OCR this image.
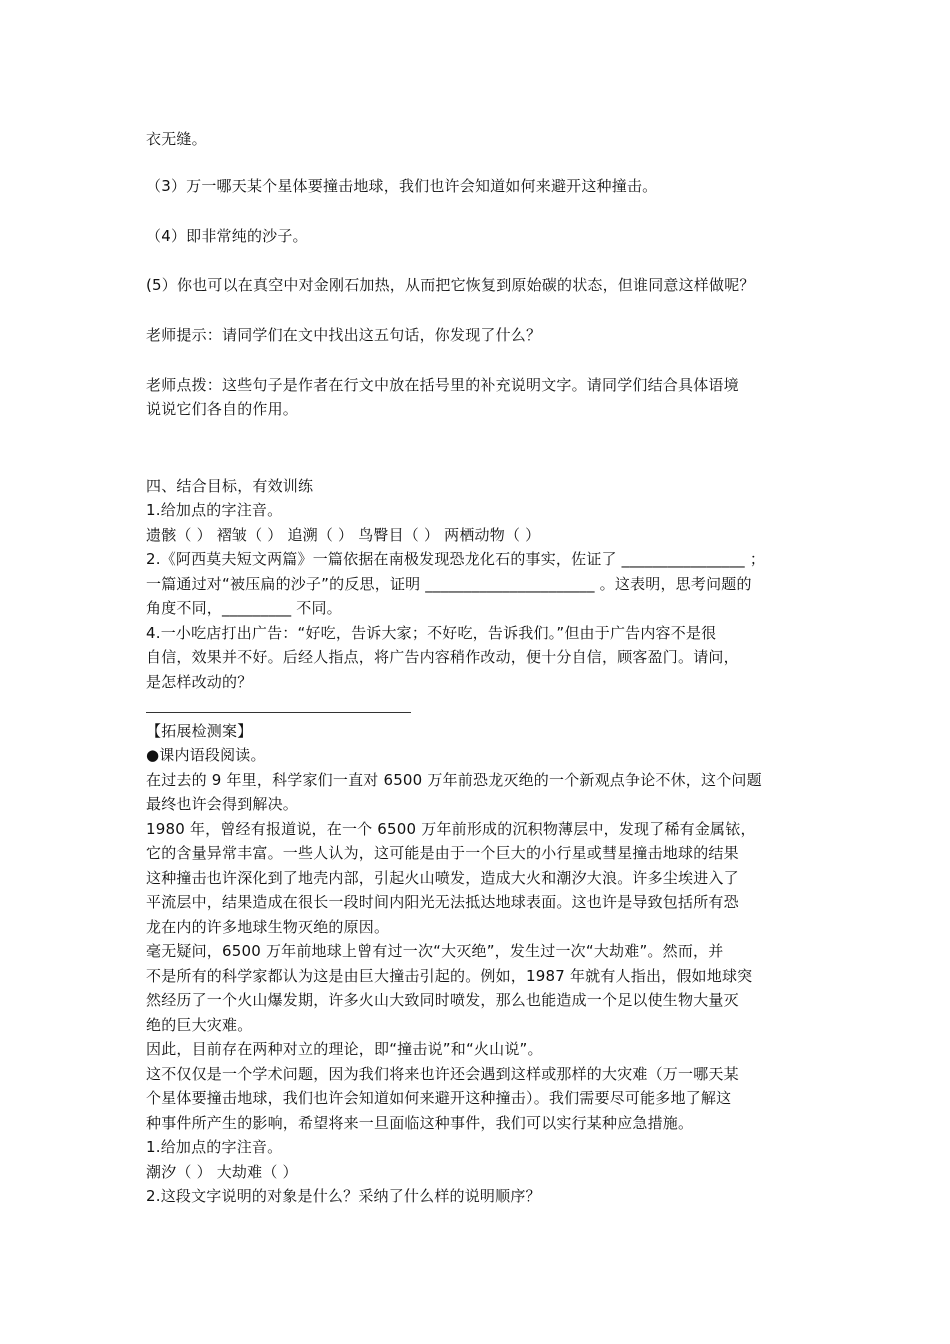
衣无缝。
（3）万一哪天某个星体要撞击地球，我们也许会知道如何来避开这种撞击。
（4）即非常纯的沙子。
(5）你也可以在真空中对金刚石加热，从而把它恢复到原始碳的状态，但谁同意这样做呢？
老师提示：请同学们在文中找出这五句话，你发现了什么？
老师点拨：这些句子是作者在行文中放在括号里的补充说明文字。请同学们结合具体语境
说说它们各自的作用。
四、结合目标，有效训练
1.给加点的字注音。
遗骸（ ） 褶皱（ ） 追溯（ ） 鸟臀目（ ） 两栖动物（ ）
2.《阿西莫夫短文两篇》一篇依据在南极发现恐龙化石的事实，佐证了 ________________ ；
一篇通过对“被压扁的沙子”的反思，证明 ______________________ 。这表明，思考问题的
角度不同，_________ 不同。
4.一小吃店打出广告：“好吃，告诉大家；不好吃，告诉我们。”但由于广告内容不是很
自信，效果并不好。后经人指点，将广告内容稍作改动，便十分自信，顾客盈门。请问，
是怎样改动的？
【拓展检测案】
●课内语段阅读。
在过去的 9 年里，科学家们一直对 6500 万年前恐龙灭绝的一个新观点争论不休，这个问题
最终也许会得到解决。
1980 年，曾经有报道说，在一个 6500 万年前形成的沉积物薄层中，发现了稀有金属铱，
它的含量异常丰富。一些人认为，这可能是由于一个巨大的小行星或彗星撞击地球的结果
这种撞击也许深化到了地壳内部，引起火山喷发，造成大火和潮汐大浪。许多尘埃进入了
平流层中，结果造成在很长一段时间内阳光无法抵达地球表面。这也许是导致包括所有恐
龙在内的许多地球生物灭绝的原因。
毫无疑问，6500 万年前地球上曾有过一次“大灭绝”，发生过一次“大劫难”。然而，并
不是所有的科学家都认为这是由巨大撞击引起的。例如，1987 年就有人指出，假如地球突
然经历了一个火山爆发期，许多火山大致同时喷发，那么也能造成一个足以使生物大量灭
绝的巨大灾难。
因此，目前存在两种对立的理论，即“撞击说”和“火山说”。
这不仅仅是一个学术问题，因为我们将来也许还会遇到这样或那样的大灾难（万一哪天某
个星体要撞击地球，我们也许会知道如何来避开这种撞击）。我们需要尽可能多地了解这
种事件所产生的影响，希望将来一旦面临这种事件，我们可以实行某种应急措施。
1.给加点的字注音。
潮汐（ ） 大劫难（ ）
2.这段文字说明的对象是什么？采纳了什么样的说明顺序？
